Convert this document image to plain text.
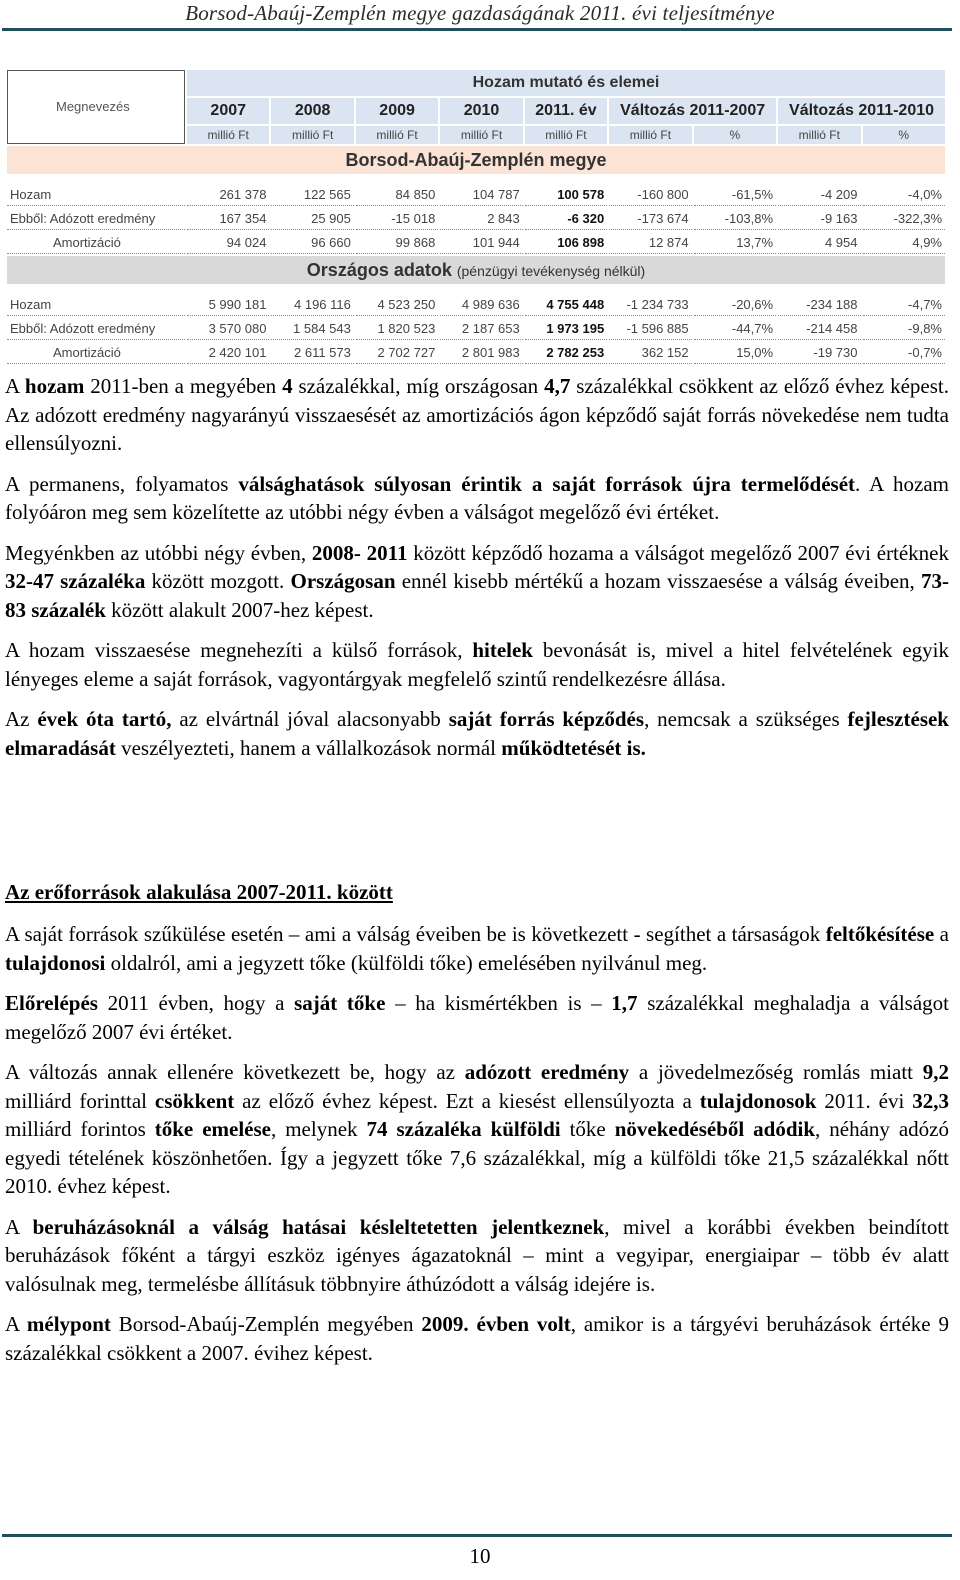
Borsod-Abaúj-Zemplén megye gazdaságának 2011. évi teljesítménye
Megnevezés	Hozam mutató és elemei								
	2007	2008	2009	2010	2011. év	Változás 2011-2007		Változás 2011-2010	
	millió Ft	millió Ft	millió Ft	millió Ft	millió Ft	millió Ft	%	millió Ft	%
Borsod-Abaúj-Zemplén megye									

Hozam	261 378	122 565	84 850	104 787	100 578	-160 800	-61,5%	-4 209	-4,0%
Ebből: Adózott eredmény	167 354	25 905	-15 018	2 843	-6 320	-173 674	-103,8%	-9 163	-322,3%
Amortizáció	94 024	96 660	99 868	101 944	106 898	12 874	13,7%	4 954	4,9%
Országos adatok (pénzügyi tevékenység nélkül)									

Hozam	5 990 181	4 196 116	4 523 250	4 989 636	4 755 448	-1 234 733	-20,6%	-234 188	-4,7%
Ebből: Adózott eredmény	3 570 080	1 584 543	1 820 523	2 187 653	1 973 195	-1 596 885	-44,7%	-214 458	-9,8%
Amortizáció	2 420 101	2 611 573	2 702 727	2 801 983	2 782 253	362 152	15,0%	-19 730	-0,7%

A hozam 2011-ben a megyében 4 százalékkal, míg országosan 4,7 százalékkal csökkent az előző évhez képest. Az adózott eredmény nagyarányú visszaesését az amortizációs ágon képződő saját forrás növekedése nem tudta ellensúlyozni.

A permanens, folyamatos válsághatások súlyosan érintik a saját források újra termelődését. A hozam folyóáron meg sem közelítette az utóbbi négy évben a válságot megelőző évi értéket.

Megyénkben az utóbbi négy évben, 2008- 2011 között képződő hozama a válságot megelőző 2007 évi értéknek 32-47 százaléka között mozgott. Országosan ennél kisebb mértékű a hozam visszaesése a válság éveiben, 73-83 százalék között alakult 2007-hez képest.

A hozam visszaesése megnehezíti a külső források, hitelek bevonását is, mivel a hitel felvételének egyik lényeges eleme a saját források, vagyontárgyak megfelelő szintű rendelkezésre állása.

Az évek óta tartó, az elvártnál jóval alacsonyabb saját forrás képződés, nemcsak a szükséges fejlesztések elmaradását veszélyezteti, hanem a vállalkozások normál működtetését is.

Az erőforrások alakulása 2007-2011. között

A saját források szűkülése esetén – ami a válság éveiben be is következett - segíthet a társaságok feltőkésítése a tulajdonosi oldalról, ami a jegyzett tőke (külföldi tőke) emelésében nyilvánul meg.

Előrelépés 2011 évben, hogy a saját tőke – ha kismértékben is – 1,7 százalékkal meghaladja a válságot megelőző 2007 évi értéket.

A változás annak ellenére következett be, hogy az adózott eredmény a jövedelmezőség romlás miatt 9,2 milliárd forinttal csökkent az előző évhez képest. Ezt a kiesést ellensúlyozta a tulajdonosok 2011. évi 32,3 milliárd forintos tőke emelése, melynek 74 százaléka külföldi tőke növekedéséből adódik, néhány adózó egyedi tételének köszönhetően. Így a jegyzett tőke 7,6 százalékkal, míg a külföldi tőke 21,5 százalékkal nőtt 2010. évhez képest.

A beruházásoknál a válság hatásai késleltetetten jelentkeznek, mivel a korábbi években beindított beruházások főként a tárgyi eszköz igényes ágazatoknál – mint a vegyipar, energiaipar – több év alatt valósulnak meg, termelésbe állításuk többnyire áthúzódott a válság idejére is.

A mélypont Borsod-Abaúj-Zemplén megyében 2009. évben volt, amikor is a tárgyévi beruházások értéke 9 százalékkal csökkent a 2007. évihez képest.

10
